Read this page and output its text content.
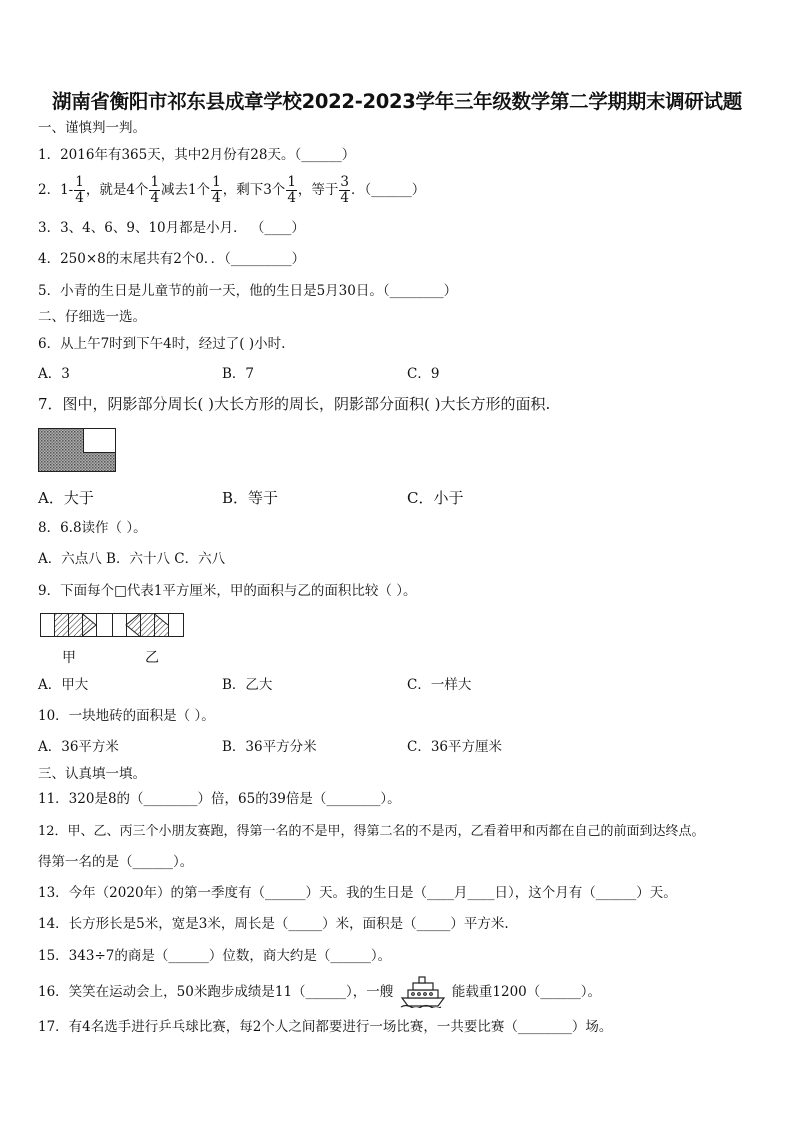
湖南省衡阳市祁东县成章学校2022-2023学年三年级数学第二学期期末调研试题
一、谨慎判一判。
1．2016年有365天，其中2月份有28天。（______）
2．$1- \frac{1}{4}$ ，就是4个 $\frac{1}{4}$ 减去1个 $\frac{1}{4}$ ，剩下3个 $\frac{1}{4}$ ，等于 $\frac{3}{4}$ ．（______）
3．3、4、6、9、10月都是小月． （____）
4．250×8的末尾共有2个0．．（_________）
5．小青的生日是儿童节的前一天，他的生日是5月30日。（________）
二、仔细选一选。
6．从上午7时到下午4时，经过了( )小时.
A．3	B．7	C．9
7．图中，阴影部分周长( )大长方形的周长，阴影部分面积( )大长方形的面积.
A．大于	B．等于	C．小于
8．6.8读作（ ）。
A．六点八 B．六十八 C．六八
9．下面每个□代表1平方厘米，甲的面积与乙的面积比较（ ）。
甲	乙
A．甲大	B．乙大	C．一样大
10．一块地砖的面积是（ ）。
A．36平方米	B．36平方分米	C．36平方厘米
三、认真填一填。
11．320是8的（________）倍，65的39倍是（________）。
12．甲、乙、丙三个小朋友赛跑，得第一名的不是甲，得第二名的不是丙，乙看着甲和丙都在自己的前面到达终点。
得第一名的是（______）。
13．今年（2020年）的第一季度有（______）天。我的生日是（____月____日），这个月有（______）天。
14．长方形长是5米，宽是3米，周长是（_____）米，面积是（_____）平方米.
15．343÷7的商是（______）位数，商大约是（______）。
16．笑笑在运动会上，50米跑步成绩是11（______），一艘	能载重1200（______）。
17．有4名选手进行乒乓球比赛，每2个人之间都要进行一场比赛，一共要比赛（________）场。
